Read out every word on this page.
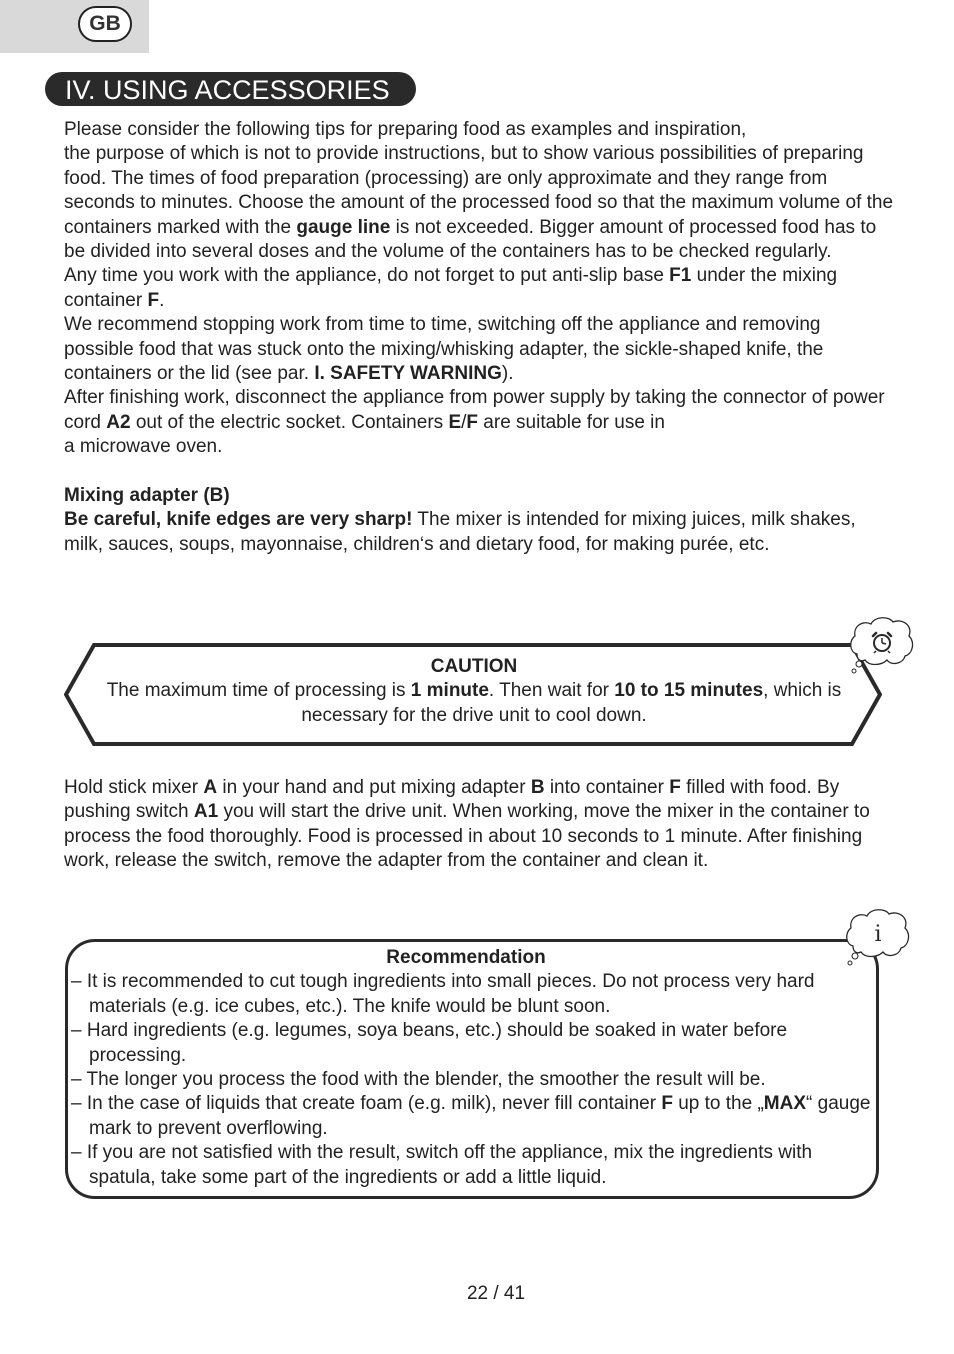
GB
IV. USING ACCESSORIES

Please consider the following tips for preparing food as examples and inspiration,
the purpose of which is not to provide instructions, but to show various possibilities of preparing food. The times of food preparation (processing) are only approximate and they range from seconds to minutes. Choose the amount of the processed food so that the maximum volume of the containers marked with the gauge line is not exceeded. Bigger amount of processed food has to be divided into several doses and the volume of the containers has to be checked regularly.

Any time you work with the appliance, do not forget to put anti-slip base F1 under the mixing container F.

We recommend stopping work from time to time, switching off the appliance and removing possible food that was stuck onto the mixing/whisking adapter, the sickle-shaped knife, the containers or the lid (see par. I. SAFETY WARNING).

After finishing work, disconnect the appliance from power supply by taking the connector of power cord A2 out of the electric socket. Containers E/F are suitable for use in
a microwave oven.

Mixing adapter (B)

Be careful, knife edges are very sharp! The mixer is intended for mixing juices, milk shakes, milk, sauces, soups, mayonnaise, children‘s and dietary food, for making purée, etc.

CAUTION

The maximum time of processing is 1 minute. Then wait for 10 to 15 minutes, which is necessary for the drive unit to cool down.

Hold stick mixer A in your hand and put mixing adapter B into container F filled with food. By pushing switch A1 you will start the drive unit. When working, move the mixer in the container to process the food thoroughly. Food is processed in about 10 seconds to 1 minute. After finishing work, release the switch, remove the adapter from the container and clean it.

Recommendation

– It is recommended to cut tough ingredients into small pieces. Do not process very hard materials (e.g. ice cubes, etc.). The knife would be blunt soon.
– Hard ingredients (e.g. legumes, soya beans, etc.) should be soaked in water before processing.
– The longer you process the food with the blender, the smoother the result will be.
– In the case of liquids that create foam (e.g. milk), never fill container F up to the „MAX“ gauge mark to prevent overflowing.
– If you are not satisfied with the result, switch off the appliance, mix the ingredients with spatula, take some part of the ingredients or add a little liquid.
i
22 / 41
